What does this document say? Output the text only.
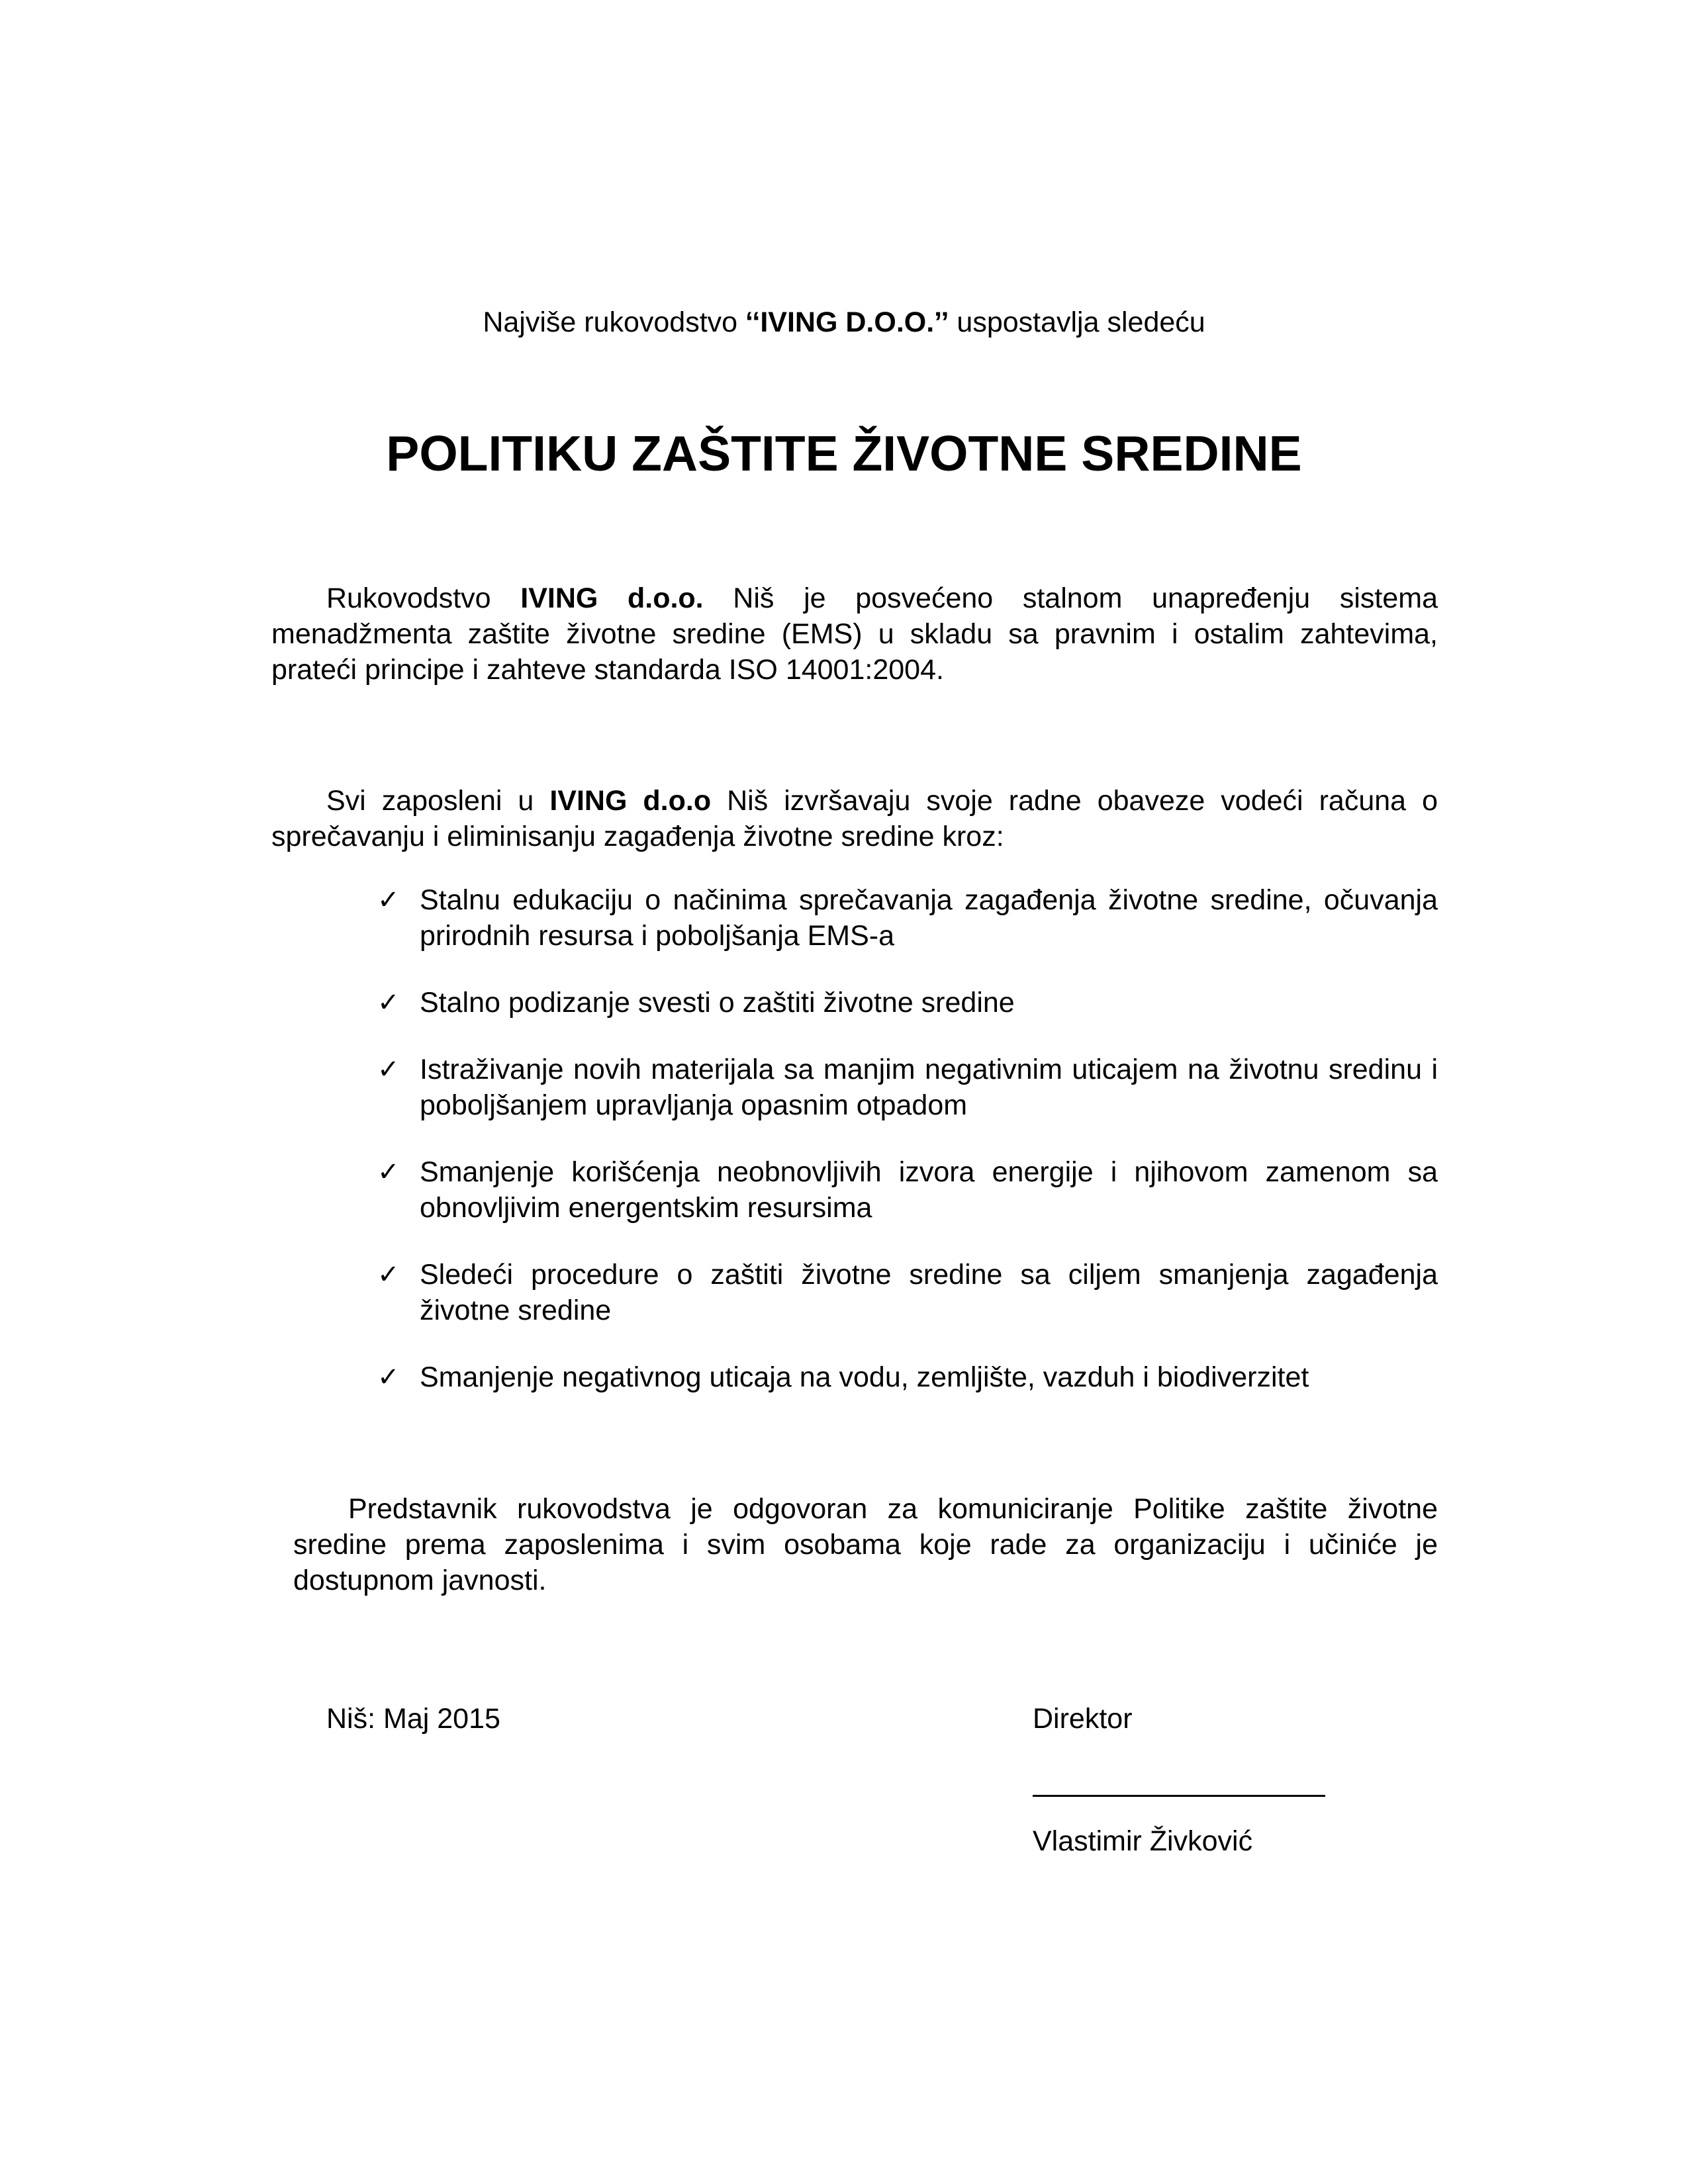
Najviše rukovodstvo ‘‘IVING D.O.O.’’ uspostavlja sledeću
POLITIKU ZAŠTITE ŽIVOTNE SREDINE

Rukovodstvo IVING d.o.o. Niš je posvećeno stalnom unapređenju sistema menadžmenta zaštite životne sredine (EMS) u skladu sa pravnim i ostalim zahtevima, prateći principe i zahteve standarda ISO 14001:2004.

Svi zaposleni u IVING d.o.o Niš izvršavaju svoje radne obaveze vodeći računa o sprečavanju i eliminisanju zagađenja životne sredine kroz:

✓ Stalnu edukaciju o načinima sprečavanja zagađenja životne sredine, očuvanja prirodnih resursa i poboljšanja EMS-a
✓ Stalno podizanje svesti o zaštiti životne sredine
✓ Istraživanje novih materijala sa manjim negativnim uticajem na životnu sredinu i poboljšanjem upravljanja opasnim otpadom
✓ Smanjenje korišćenja neobnovljivih izvora energije i njihovom zamenom sa obnovljivim energentskim resursima
✓ Sledeći procedure o zaštiti životne sredine sa ciljem smanjenja zagađenja životne sredine
✓ Smanjenje negativnog uticaja na vodu, zemljište, vazduh i biodiverzitet

Predstavnik rukovodstva je odgovoran za komuniciranje Politike zaštite životne sredine prema zaposlenima i svim osobama koje rade za organizaciju i učiniće je dostupnom javnosti.

Niš: Maj 2015	Direktor
Vlastimir Živković
